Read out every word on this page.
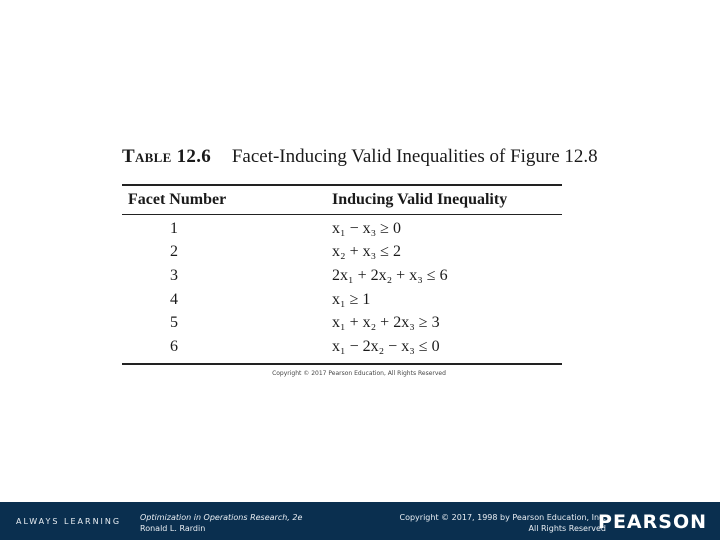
Table 12.6 Facet-Inducing Valid Inequalities of Figure 12.8
Facet Number	Inducing Valid Inequality
1	x₁ − x₃ ≥ 0
2	x₂ + x₃ ≤ 2
3	2x₁ + 2x₂ + x₃ ≤ 6
4	x₁ ≥ 1
5	x₁ + x₂ + 2x₃ ≥ 3
6	x₁ − 2x₂ − x₃ ≤ 0
Copyright © 2017 Pearson Education, All Rights Reserved
ALWAYS LEARNING Optimization in Operations Research, 2e
Ronald L. Rardin
Copyright © 2017, 1998 by Pearson Education, Inc.
All Rights Reserved
PEARSON
